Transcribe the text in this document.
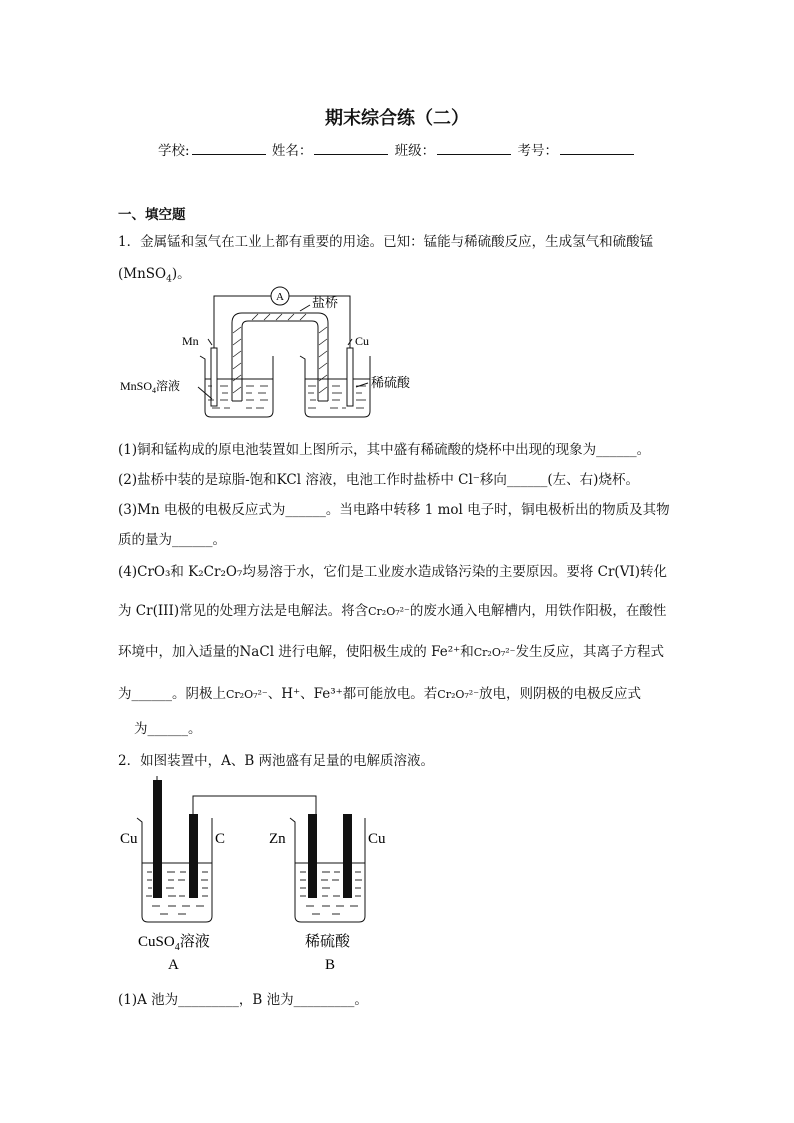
期末综合练（二）
学校:	姓名：	班级：	考号：
一、填空题
1．金属锰和氢气在工业上都有重要的用途。已知：锰能与稀硫酸反应，生成氢气和硫酸锰
(MnSO$_4$)。
A 盐桥
Mn	Cu
MnSO$_4$溶液	稀硫酸
(1)铜和锰构成的原电池装置如上图所示，其中盛有稀硫酸的烧杯中出现的现象为______。
(2)盐桥中装的是琼脂-饱和KCl 溶液，电池工作时盐桥中 Cl⁻移向______(左、右)烧杯。
(3)Mn 电极的电极反应式为______。当电路中转移 1 mol 电子时，铜电极析出的物质及其物
质的量为______。
(4)CrO₃和 K₂Cr₂O₇均易溶于水，它们是工业废水造成铬污染的主要原因。要将 Cr(VI)转化
为 Cr(III)常见的处理方法是电解法。将含Cr₂O₇²⁻的废水通入电解槽内，用铁作阳极，在酸性
环境中，加入适量的NaCl 进行电解，使阳极生成的 Fe²⁺和Cr₂O₇²⁻发生反应，其离子方程式
为______。阴极上Cr₂O₇²⁻、H⁺、Fe³⁺都可能放电。若Cr₂O₇²⁻放电，则阴极的电极反应式
为______。
2．如图装置中，A、B 两池盛有足量的电解质溶液。
Cu	C	Zn	Cu
CuSO$_4$溶液	稀硫酸
A	B
(1)A 池为_________，B 池为_________。
